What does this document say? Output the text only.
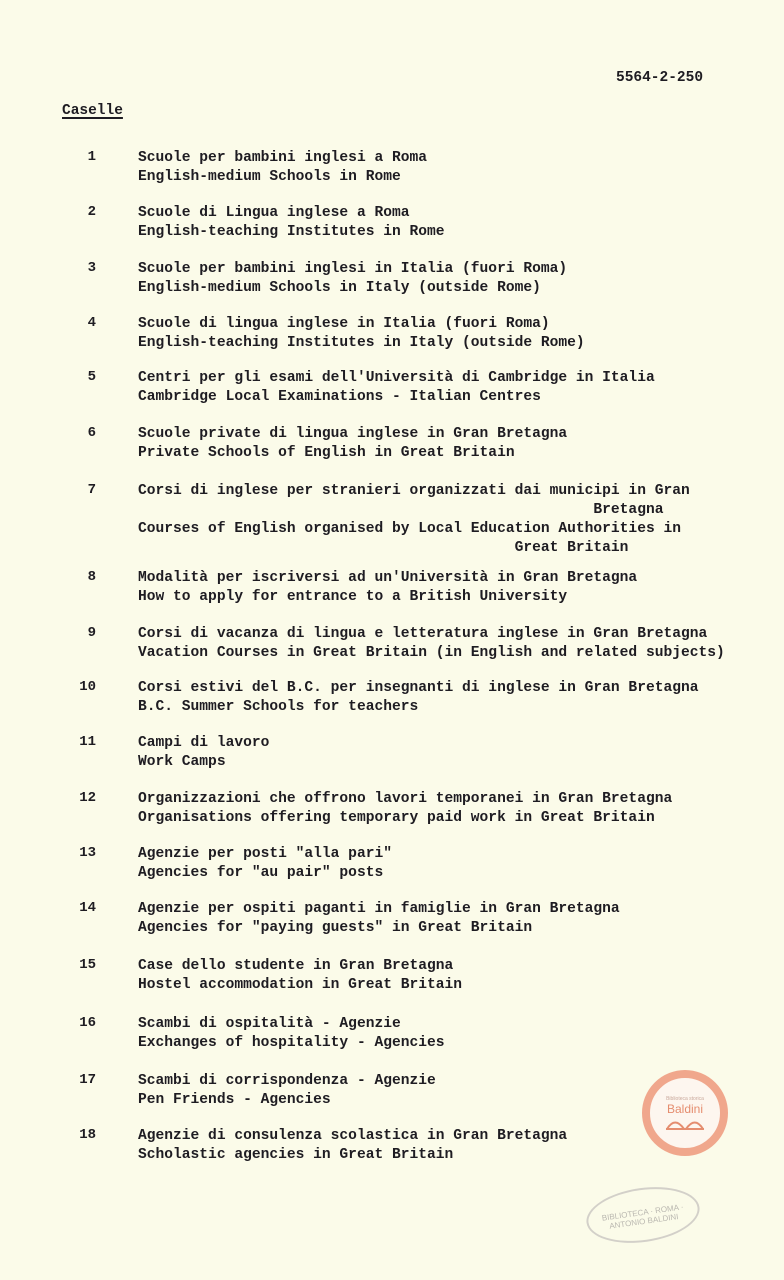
5564-2-250
Caselle
1	Scuole per bambini inglesi a Roma
English-medium Schools in Rome
2	Scuole di Lingua inglese a Roma
English-teaching Institutes in Rome
3	Scuole per bambini inglesi in Italia (fuori Roma)
English-medium Schools in Italy (outside Rome)
4	Scuole di lingua inglese in Italia (fuori Roma)
English-teaching Institutes in Italy (outside Rome)
5	Centri per gli esami dell'Università di Cambridge in Italia
Cambridge Local Examinations - Italian Centres
6	Scuole private di lingua inglese in Gran Bretagna
Private Schools of English in Great Britain
7	Corsi di inglese per stranieri organizzati dai municipi in Gran
Bretagna
Courses of English organised by Local Education Authorities in
Great Britain
8	Modalità per iscriversi ad un'Università in Gran Bretagna
How to apply for entrance to a British University
9	Corsi di vacanza di lingua e letteratura inglese in Gran Bretagna
Vacation Courses in Great Britain (in English and related subjects)
10	Corsi estivi del B.C. per insegnanti di inglese in Gran Bretagna
B.C. Summer Schools for teachers
11	Campi di lavoro
Work Camps
12	Organizzazioni che offrono lavori temporanei in Gran Bretagna
Organisations offering temporary paid work in Great Britain
13	Agenzie per posti "alla pari"
Agencies for "au pair" posts
14	Agenzie per ospiti paganti in famiglie in Gran Bretagna
Agencies for "paying guests" in Great Britain
15	Case dello studente in Gran Bretagna
Hostel accommodation in Great Britain
16	Scambi di ospitalità - Agenzie
Exchanges of hospitality - Agencies
17	Scambi di corrispondenza - Agenzie
Pen Friends - Agencies
18	Agenzie di consulenza scolastica in Gran Bretagna
Scholastic agencies in Great Britain
Biblioteca storica
Baldini
BIBLIOTECA · ROMA · ANTONIO BALDINI
